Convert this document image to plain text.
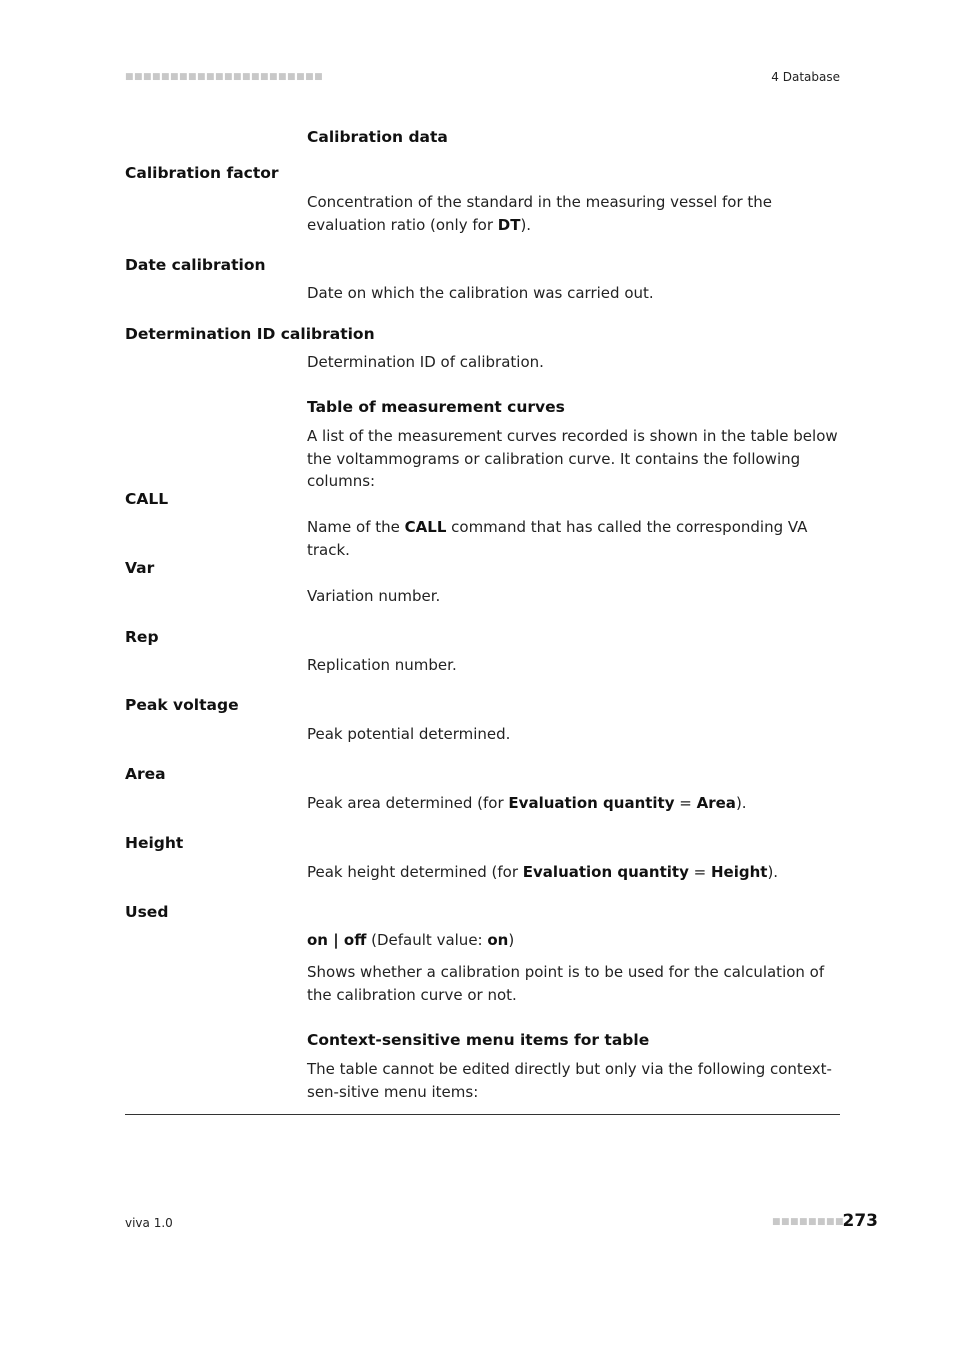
■■■■■■■■■■■■■■■■■■■■■■	4 Database
Calibration data
Calibration factor
Concentration of the standard in the measuring vessel for the evaluation ratio (only for DT).
Date calibration
Date on which the calibration was carried out.
Determination ID calibration
Determination ID of calibration.
Table of measurement curves
A list of the measurement curves recorded is shown in the table below the voltammograms or calibration curve. It contains the following columns:
CALL
Name of the CALL command that has called the corresponding VA track.
Var
Variation number.
Rep
Replication number.
Peak voltage
Peak potential determined.
Area
Peak area determined (for Evaluation quantity = Area).
Height
Peak height determined (for Evaluation quantity = Height).
Used
on | off (Default value: on)
Shows whether a calibration point is to be used for the calculation of the calibration curve or not.
Context-sensitive menu items for table
The table cannot be edited directly but only via the following context-sen-sitive menu items:
viva 1.0	■■■■■■■■
273
